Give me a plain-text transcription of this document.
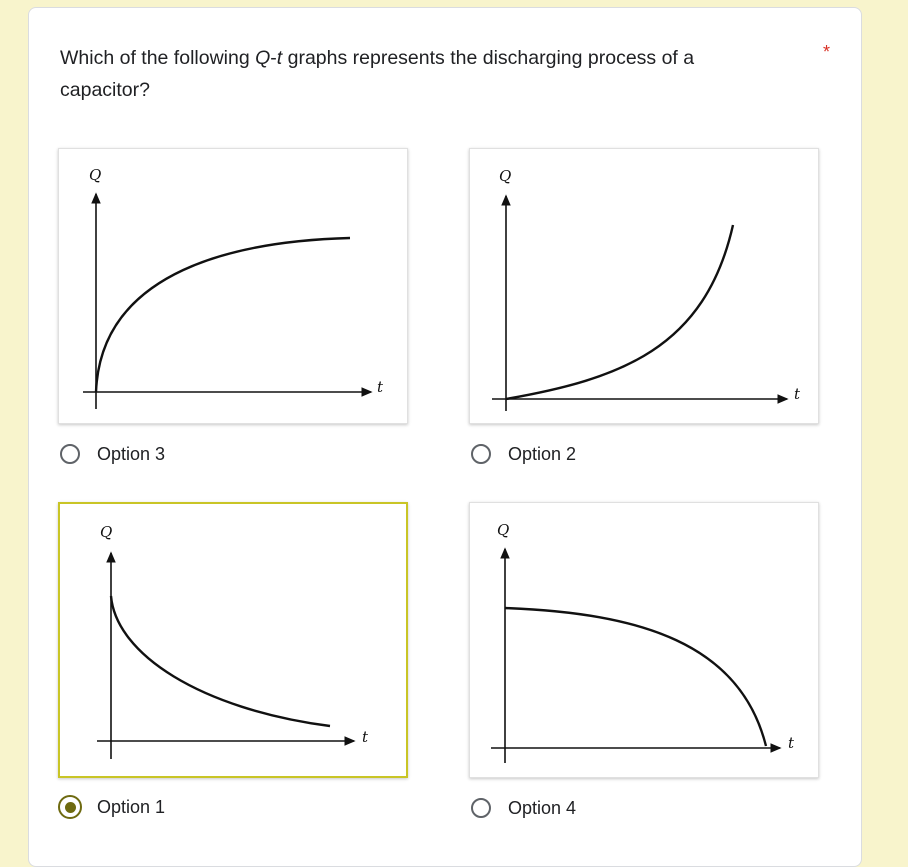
Which of the following Q-t graphs represents the discharging process of a capacitor?

*
Q
t
Q
t
Q
t
Q
t
Option 3	Option 2
Option 1	Option 4
